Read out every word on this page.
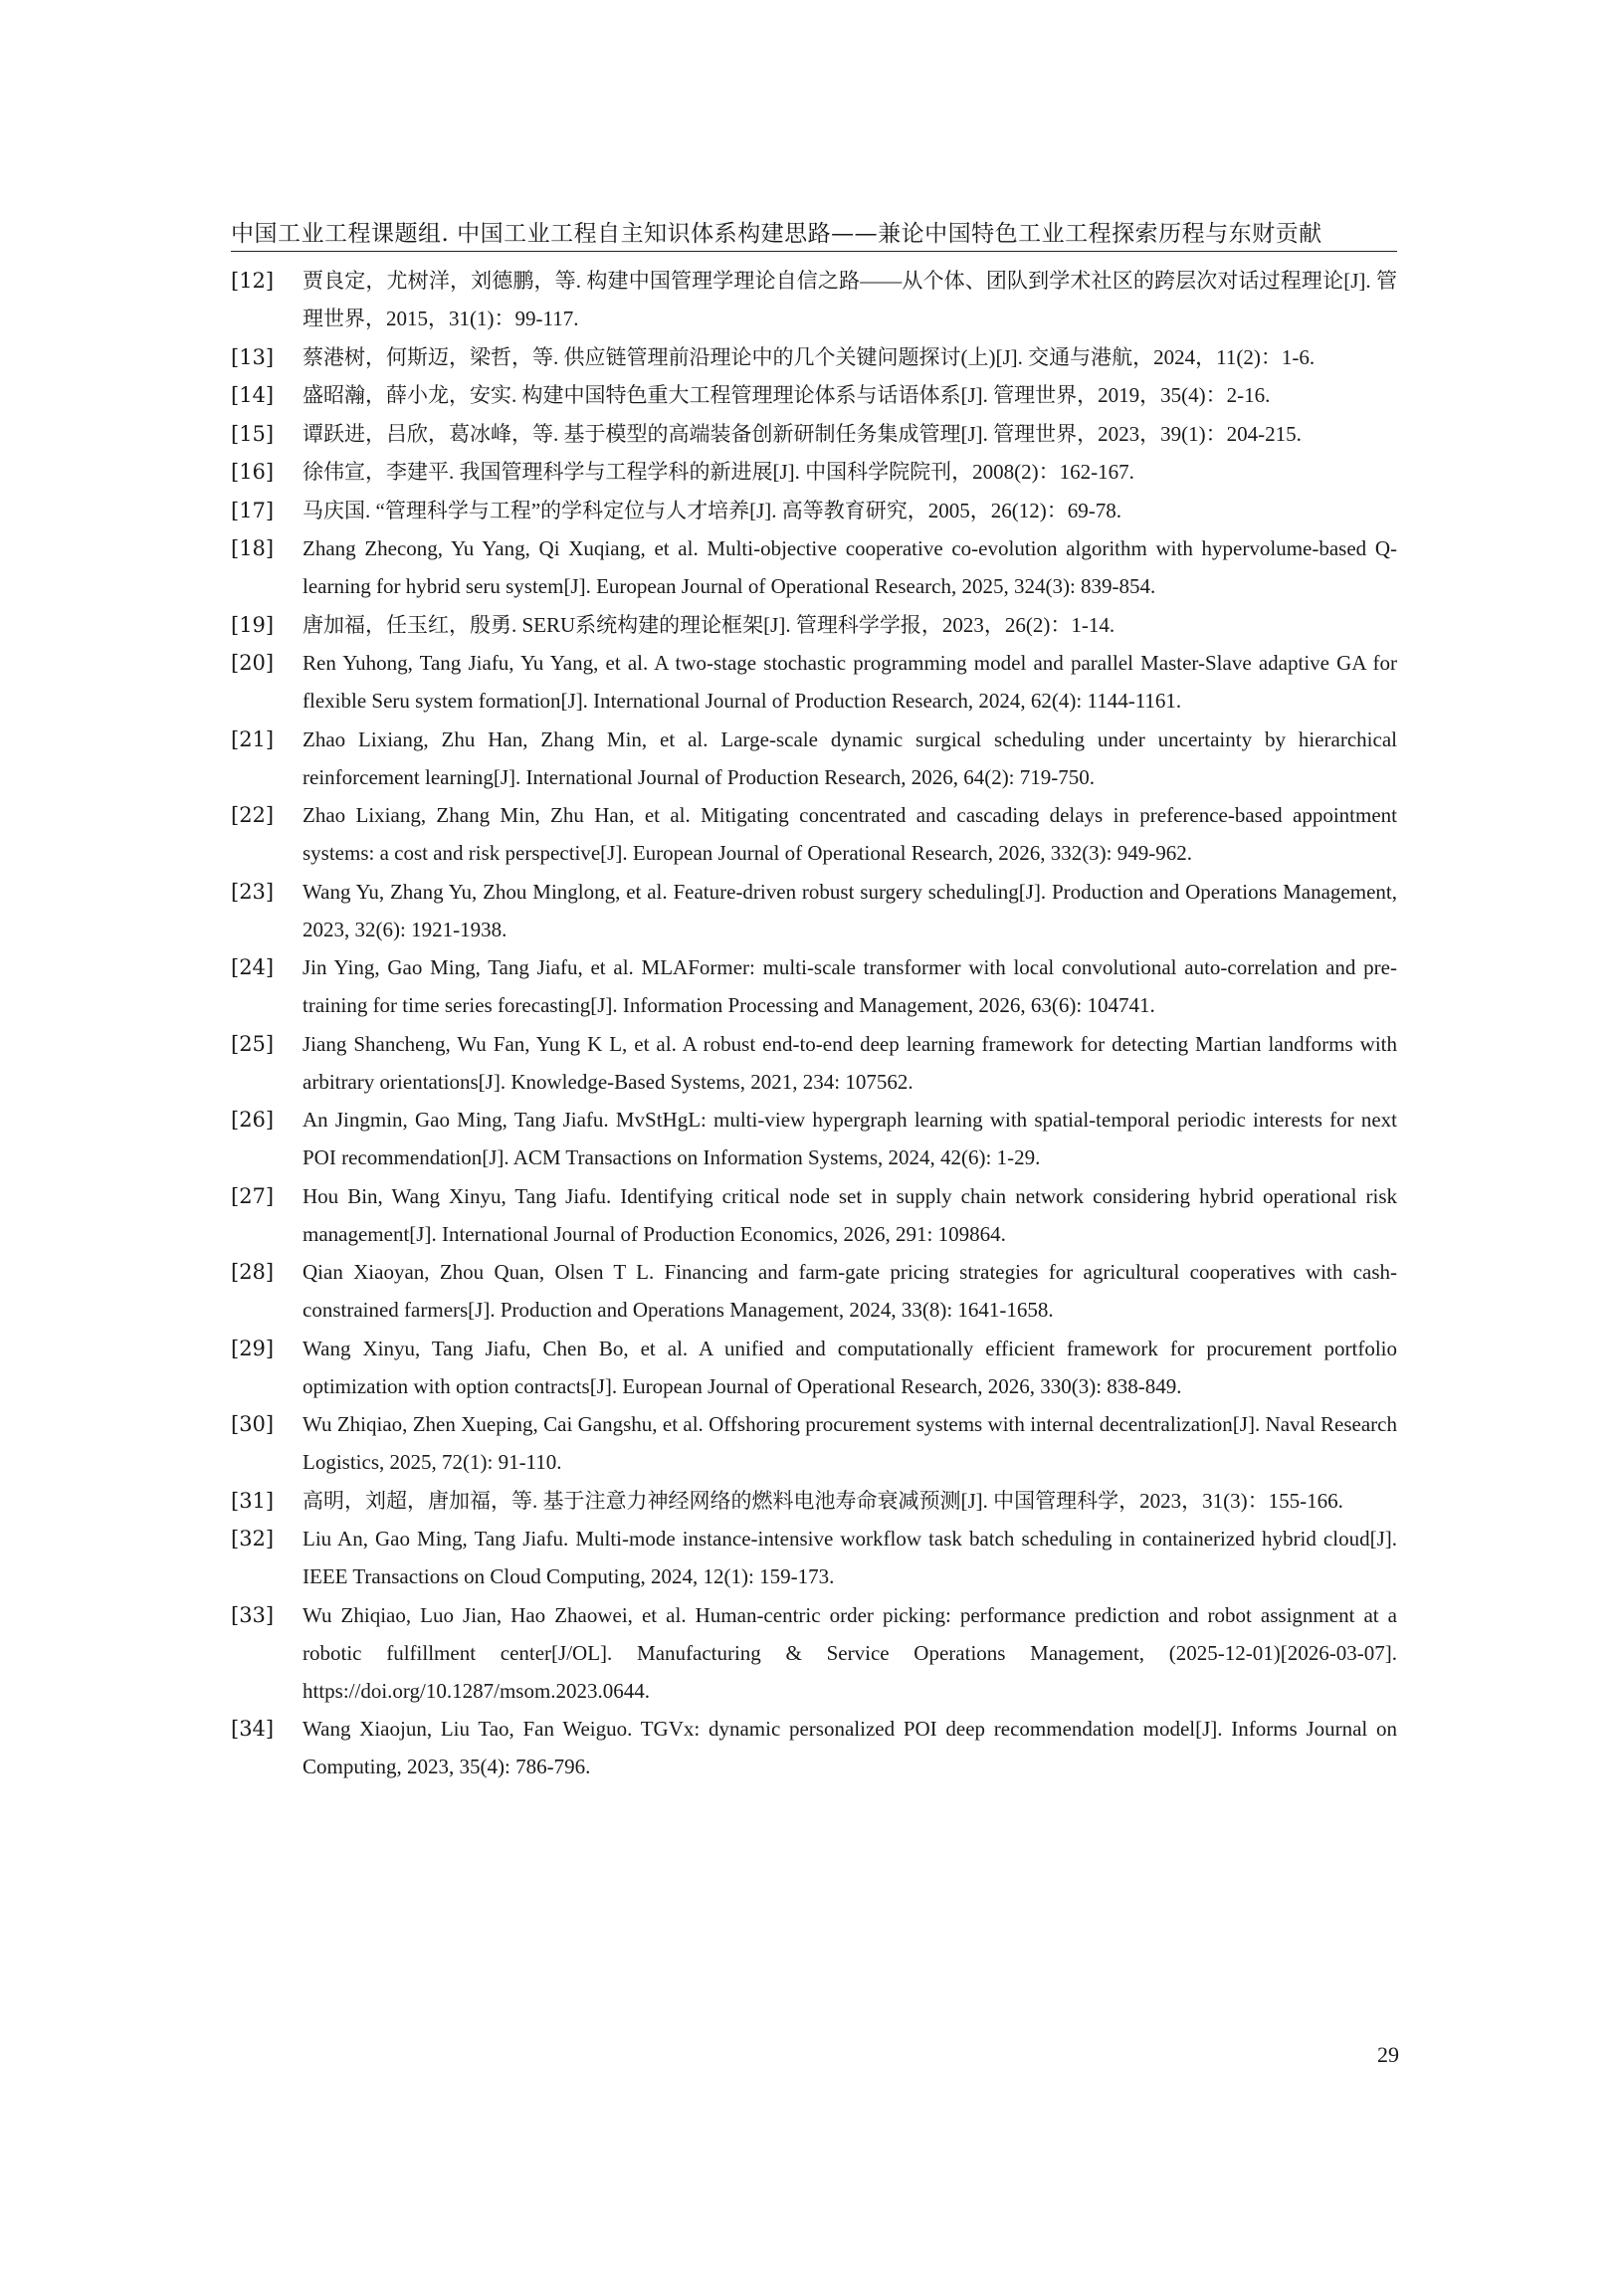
中国工业工程课题组. 中国工业工程自主知识体系构建思路——兼论中国特色工业工程探索历程与东财贡献
[12]	贾良定，尤树洋，刘德鹏，等. 构建中国管理学理论自信之路——从个体、团队到学术社区的跨层次对话过程理论[J]. 管理世界，2015，31(1)：99-117.
[13]	蔡港树，何斯迈，梁哲，等. 供应链管理前沿理论中的几个关键问题探讨(上)[J]. 交通与港航，2024，11(2)：1-6.
[14]	盛昭瀚，薛小龙，安实. 构建中国特色重大工程管理理论体系与话语体系[J]. 管理世界，2019，35(4)：2-16.
[15]	谭跃进，吕欣，葛冰峰，等. 基于模型的高端装备创新研制任务集成管理[J]. 管理世界，2023，39(1)：204-215.
[16]	徐伟宣，李建平. 我国管理科学与工程学科的新进展[J]. 中国科学院院刊，2008(2)：162-167.
[17]	马庆国. “管理科学与工程”的学科定位与人才培养[J]. 高等教育研究，2005，26(12)：69-78.
[18]	Zhang Zhecong, Yu Yang, Qi Xuqiang, et al. Multi-objective cooperative co-evolution algorithm with hypervolume-based Q-learning for hybrid seru system[J]. European Journal of Operational Research, 2025, 324(3): 839-854.
[19]	唐加福，任玉红，殷勇. SERU系统构建的理论框架[J]. 管理科学学报，2023，26(2)：1-14.
[20]	Ren Yuhong, Tang Jiafu, Yu Yang, et al. A two-stage stochastic programming model and parallel Master-Slave adaptive GA for flexible Seru system formation[J]. International Journal of Production Research, 2024, 62(4): 1144-1161.
[21]	Zhao Lixiang, Zhu Han, Zhang Min, et al. Large-scale dynamic surgical scheduling under uncertainty by hierarchical reinforcement learning[J]. International Journal of Production Research, 2026, 64(2): 719-750.
[22]	Zhao Lixiang, Zhang Min, Zhu Han, et al. Mitigating concentrated and cascading delays in preference-based appointment systems: a cost and risk perspective[J]. European Journal of Operational Research, 2026, 332(3): 949-962.
[23]	Wang Yu, Zhang Yu, Zhou Minglong, et al. Feature-driven robust surgery scheduling[J]. Production and Operations Management, 2023, 32(6): 1921-1938.
[24]	Jin Ying, Gao Ming, Tang Jiafu, et al. MLAFormer: multi-scale transformer with local convolutional auto-correlation and pre-training for time series forecasting[J]. Information Processing and Management, 2026, 63(6): 104741.
[25]	Jiang Shancheng, Wu Fan, Yung K L, et al. A robust end-to-end deep learning framework for detecting Martian landforms with arbitrary orientations[J]. Knowledge-Based Systems, 2021, 234: 107562.
[26]	An Jingmin, Gao Ming, Tang Jiafu. MvStHgL: multi-view hypergraph learning with spatial-temporal periodic interests for next POI recommendation[J]. ACM Transactions on Information Systems, 2024, 42(6): 1-29.
[27]	Hou Bin, Wang Xinyu, Tang Jiafu. Identifying critical node set in supply chain network considering hybrid operational risk management[J]. International Journal of Production Economics, 2026, 291: 109864.
[28]	Qian Xiaoyan, Zhou Quan, Olsen T L. Financing and farm-gate pricing strategies for agricultural cooperatives with cash-constrained farmers[J]. Production and Operations Management, 2024, 33(8): 1641-1658.
[29]	Wang Xinyu, Tang Jiafu, Chen Bo, et al. A unified and computationally efficient framework for procurement portfolio optimization with option contracts[J]. European Journal of Operational Research, 2026, 330(3): 838-849.
[30]	Wu Zhiqiao, Zhen Xueping, Cai Gangshu, et al. Offshoring procurement systems with internal decentralization[J]. Naval Research Logistics, 2025, 72(1): 91-110.
[31]	高明，刘超，唐加福，等. 基于注意力神经网络的燃料电池寿命衰减预测[J]. 中国管理科学，2023，31(3)：155-166.
[32]	Liu An, Gao Ming, Tang Jiafu. Multi-mode instance-intensive workflow task batch scheduling in containerized hybrid cloud[J]. IEEE Transactions on Cloud Computing, 2024, 12(1): 159-173.
[33]	Wu Zhiqiao, Luo Jian, Hao Zhaowei, et al. Human-centric order picking: performance prediction and robot assignment at a robotic fulfillment center[J/OL]. Manufacturing & Service Operations Management, (2025-12-01)[2026-03-07]. https://doi.org/10.1287/msom.2023.0644.
[34]	Wang Xiaojun, Liu Tao, Fan Weiguo. TGVx: dynamic personalized POI deep recommendation model[J]. Informs Journal on Computing, 2023, 35(4): 786-796.
29
